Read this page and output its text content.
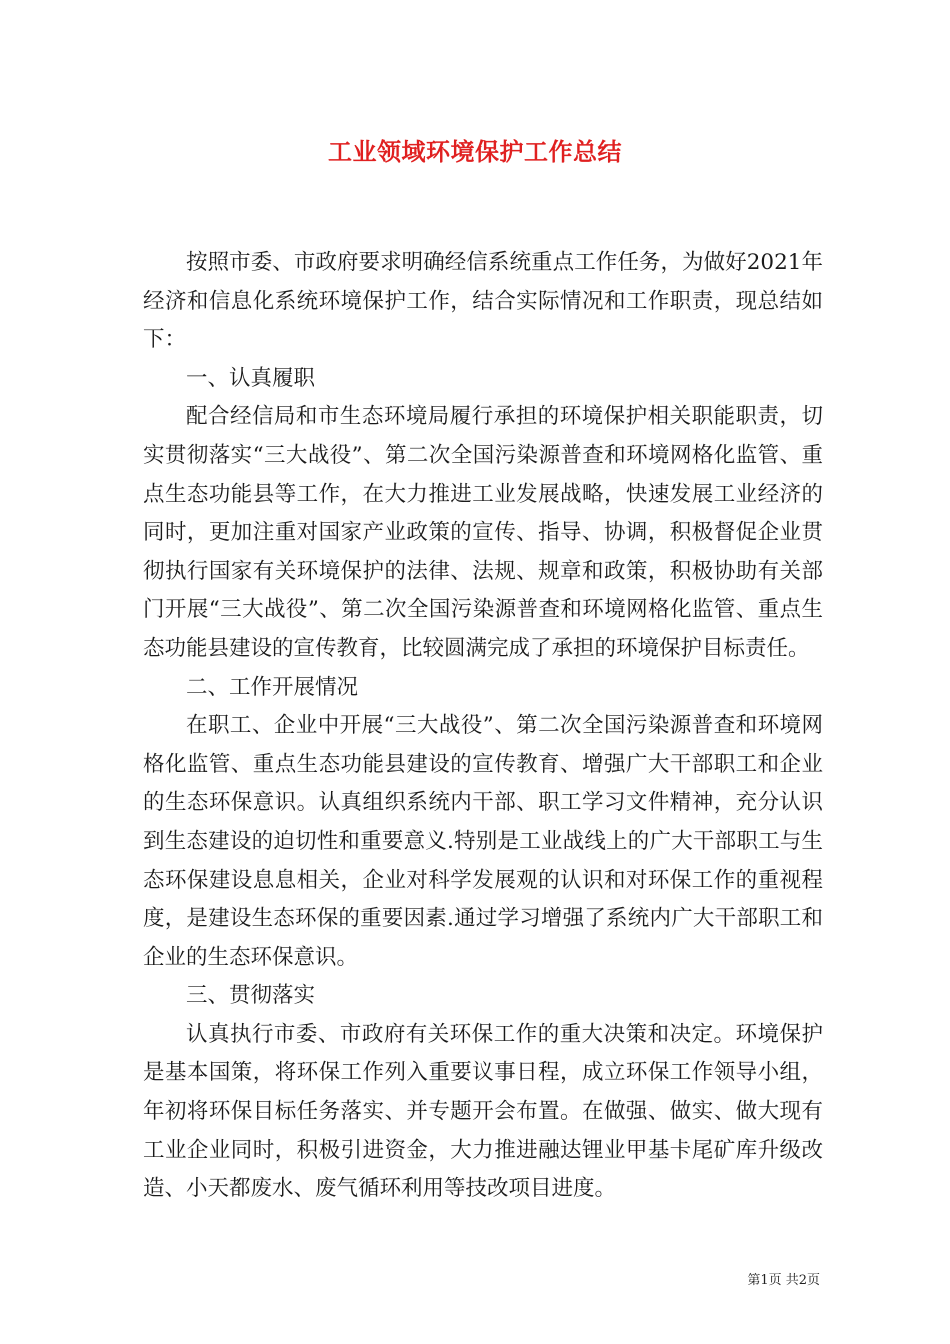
工业领域环境保护工作总结

按照市委、市政府要求明确经信系统重点工作任务，为做好2021年经济和信息化系统环境保护工作，结合实际情况和工作职责，现总结如下：

一、认真履职

配合经信局和市生态环境局履行承担的环境保护相关职能职责，切实贯彻落实“三大战役”、第二次全国污染源普查和环境网格化监管、重点生态功能县等工作，在大力推进工业发展战略，快速发展工业经济的同时，更加注重对国家产业政策的宣传、指导、协调，积极督促企业贯彻执行国家有关环境保护的法律、法规、规章和政策，积极协助有关部门开展“三大战役”、第二次全国污染源普查和环境网格化监管、重点生态功能县建设的宣传教育，比较圆满完成了承担的环境保护目标责任。

二、工作开展情况

在职工、企业中开展“三大战役”、第二次全国污染源普查和环境网格化监管、重点生态功能县建设的宣传教育、增强广大干部职工和企业的生态环保意识。认真组织系统内干部、职工学习文件精神，充分认识到生态建设的迫切性和重要意义.特别是工业战线上的广大干部职工与生态环保建设息息相关，企业对科学发展观的认识和对环保工作的重视程度，是建设生态环保的重要因素.通过学习增强了系统内广大干部职工和企业的生态环保意识。

三、贯彻落实

认真执行市委、市政府有关环保工作的重大决策和决定。环境保护是基本国策，将环保工作列入重要议事日程，成立环保工作领导小组，年初将环保目标任务落实、并专题开会布置。在做强、做实、做大现有工业企业同时，积极引进资金，大力推进融达锂业甲基卡尾矿库升级改造、小天都废水、废气循环利用等技改项目进度。

第1页 共2页
